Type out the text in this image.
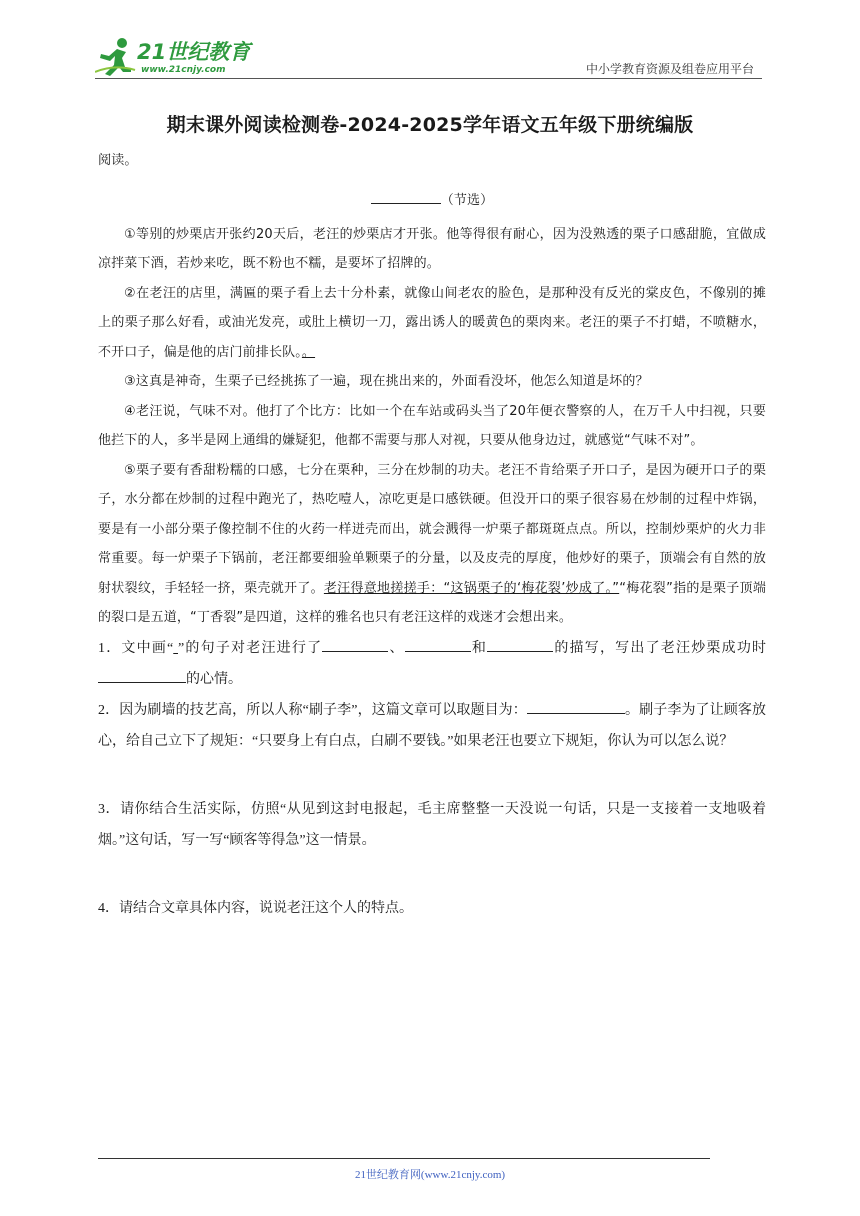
21世纪教育
www.21cnjy.com	中小学教育资源及组卷应用平台
期末课外阅读检测卷-2024-2025学年语文五年级下册统编版

阅读。

（节选）

①等别的炒栗店开张约20天后，老汪的炒栗店才开张。他等得很有耐心，因为没熟透的栗子口感甜脆，宜做成凉拌菜下酒，若炒来吃，既不粉也不糯，是要坏了招牌的。

②在老汪的店里，满匾的栗子看上去十分朴素，就像山间老农的脸色，是那种没有反光的棠皮色，不像别的摊上的栗子那么好看，或油光发亮，或肚上横切一刀，露出诱人的暖黄色的栗肉来。老汪的栗子不打蜡，不喷糖水，不开口子，偏是他的店门前排长队。。

③这真是神奇，生栗子已经挑拣了一遍，现在挑出来的，外面看没坏，他怎么知道是坏的？

④老汪说，气味不对。他打了个比方：比如一个在车站或码头当了20年便衣警察的人，在万千人中扫视，只要他拦下的人，多半是网上通缉的嫌疑犯，他都不需要与那人对视，只要从他身边过，就感觉“气味不对”。

⑤栗子要有香甜粉糯的口感，七分在栗种，三分在炒制的功夫。老汪不肯给栗子开口子，是因为硬开口子的栗子，水分都在炒制的过程中跑光了，热吃噎人，凉吃更是口感铁硬。但没开口的栗子很容易在炒制的过程中炸锅，要是有一小部分栗子像控制不住的火药一样迸壳而出，就会溅得一炉栗子都斑斑点点。所以，控制炒栗炉的火力非常重要。每一炉栗子下锅前，老汪都要细验单颗栗子的分量，以及皮壳的厚度，他炒好的栗子，顶端会有自然的放射状裂纹，手轻轻一挤，栗壳就开了。老汪得意地搓搓手：“这锅栗子的‘梅花裂’炒成了。”“梅花裂”指的是栗子顶端的裂口是五道，“丁香裂”是四道，这样的雅名也只有老汪这样的戏迷才会想出来。

1．文中画“ ”的句子对老汪进行了	、	和	的描写，写出了老汪炒栗成功时的心情。

2．因为刷墙的技艺高，所以人称“刷子李”，这篇文章可以取题目为：	。刷子李为了让顾客放心，给自己立下了规矩：“只要身上有白点，白刷不要钱。”如果老汪也要立下规矩，你认为可以怎么说？

3．请你结合生活实际，仿照“从见到这封电报起，毛主席整整一天没说一句话，只是一支接着一支地吸着烟。”这句话，写一写“顾客等得急”这一情景。

4．请结合文章具体内容，说说老汪这个人的特点。

21世纪教育网(www.21cnjy.com)
